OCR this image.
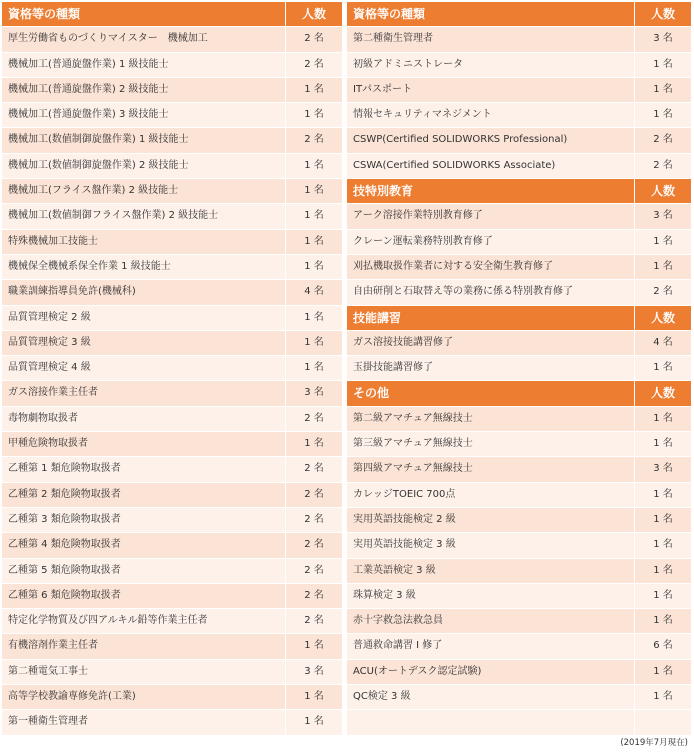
資格等の種類	人数
厚生労働省ものづくりマイスター　機械加工	2 名
機械加工(普通旋盤作業) 1 級技能士	2 名
機械加工(普通旋盤作業) 2 級技能士	1 名
機械加工(普通旋盤作業) 3 級技能士	1 名
機械加工(数値制御旋盤作業) 1 級技能士	2 名
機械加工(数値制御旋盤作業) 2 級技能士	1 名
機械加工(フライス盤作業) 2 級技能士	1 名
機械加工(数値制御フライス盤作業) 2 級技能士	1 名
特殊機械加工技能士	1 名
機械保全機械系保全作業 1 級技能士	1 名
職業訓練指導員免許(機械科)	4 名
品質管理検定 2 級	1 名
品質管理検定 3 級	1 名
品質管理検定 4 級	1 名
ガス溶接作業主任者	3 名
毒物劇物取扱者	2 名
甲種危険物取扱者	1 名
乙種第 1 類危険物取扱者	2 名
乙種第 2 類危険物取扱者	2 名
乙種第 3 類危険物取扱者	2 名
乙種第 4 類危険物取扱者	2 名
乙種第 5 類危険物取扱者	2 名
乙種第 6 類危険物取扱者	2 名
特定化学物質及び四アルキル鉛等作業主任者	2 名
有機溶剤作業主任者	1 名
第二種電気工事士	3 名
高等学校教諭専修免許(工業)	1 名
第一種衛生管理者	1 名
資格等の種類	人数
第二種衛生管理者	3 名
初級アドミニストレータ	1 名
ITパスポート	1 名
情報セキュリティマネジメント	1 名
CSWP(Certified SOLIDWORKS Professional)	2 名
CSWA(Certified SOLIDWORKS Associate)	2 名
技特別教育	人数
アーク溶接作業特別教育修了	3 名
クレーン運転業務特別教育修了	1 名
刈払機取扱作業者に対する安全衛生教育修了	1 名
自由研削と石取替え等の業務に係る特別教育修了	2 名
技能講習	人数
ガス溶接技能講習修了	4 名
玉掛技能講習修了	1 名
その他	人数
第二級アマチュア無線技士	1 名
第三級アマチュア無線技士	1 名
第四級アマチュア無線技士	3 名
カレッジTOEIC 700点	1 名
実用英語技能検定 2 級	1 名
実用英語技能検定 3 級	1 名
工業英語検定 3 級	1 名
珠算検定 3 級	1 名
赤十字救急法救急員	1 名
普通救命講習 I 修了	6 名
ACU(オートデスク認定試験)	1 名
QC検定 3 級	1 名
(2019年7月現在)
